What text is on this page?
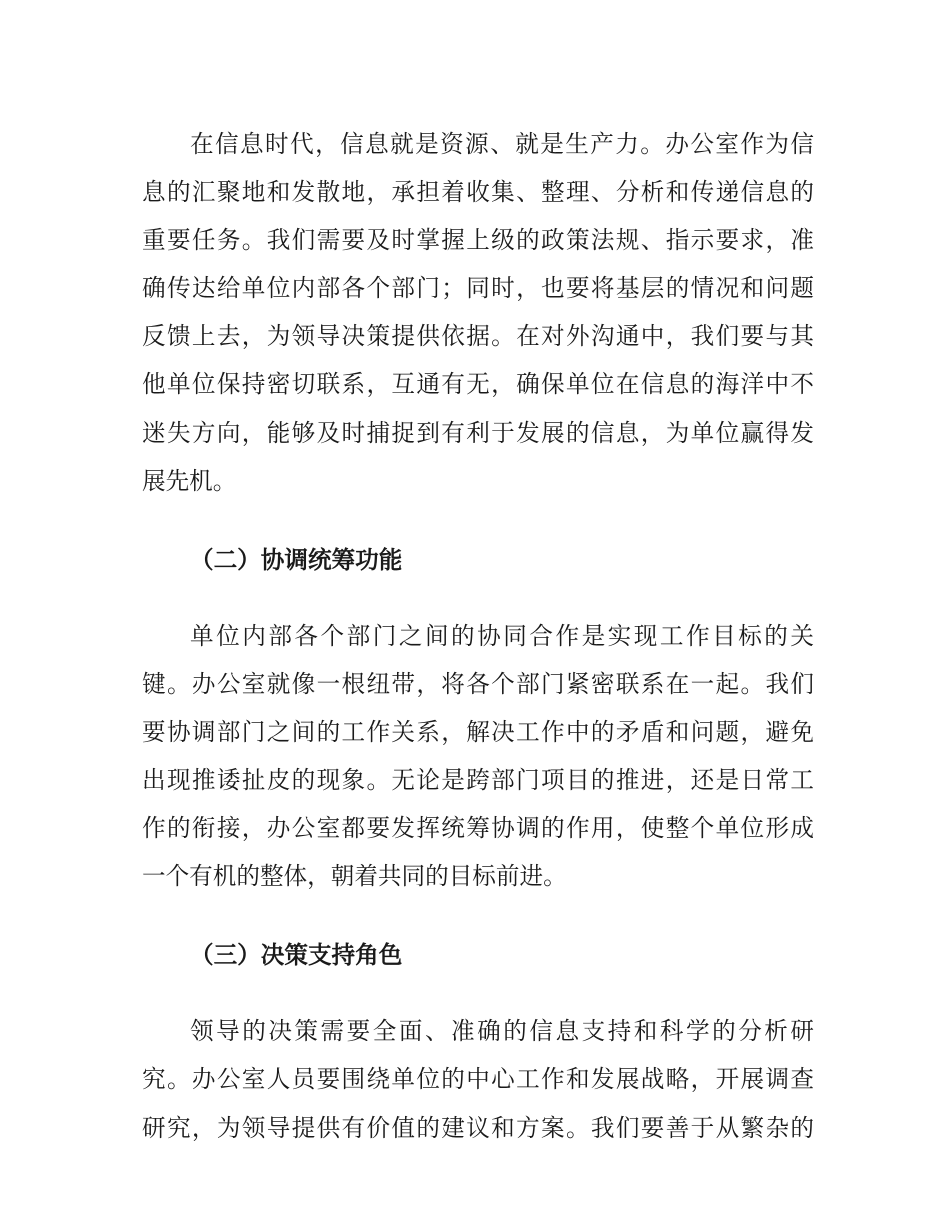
在信息时代，信息就是资源、就是生产力。办公室作为信
息的汇聚地和发散地，承担着收集、整理、分析和传递信息的
重要任务。我们需要及时掌握上级的政策法规、指示要求，准
确传达给单位内部各个部门；同时，也要将基层的情况和问题
反馈上去，为领导决策提供依据。在对外沟通中，我们要与其
他单位保持密切联系，互通有无，确保单位在信息的海洋中不
迷失方向，能够及时捕捉到有利于发展的信息，为单位赢得发
展先机。
（二）协调统筹功能
单位内部各个部门之间的协同合作是实现工作目标的关
键。办公室就像一根纽带，将各个部门紧密联系在一起。我们
要协调部门之间的工作关系，解决工作中的矛盾和问题，避免
出现推诿扯皮的现象。无论是跨部门项目的推进，还是日常工
作的衔接，办公室都要发挥统筹协调的作用，使整个单位形成
一个有机的整体，朝着共同的目标前进。
（三）决策支持角色
领导的决策需要全面、准确的信息支持和科学的分析研
究。办公室人员要围绕单位的中心工作和发展战略，开展调查
研究，为领导提供有价值的建议和方案。我们要善于从繁杂的
